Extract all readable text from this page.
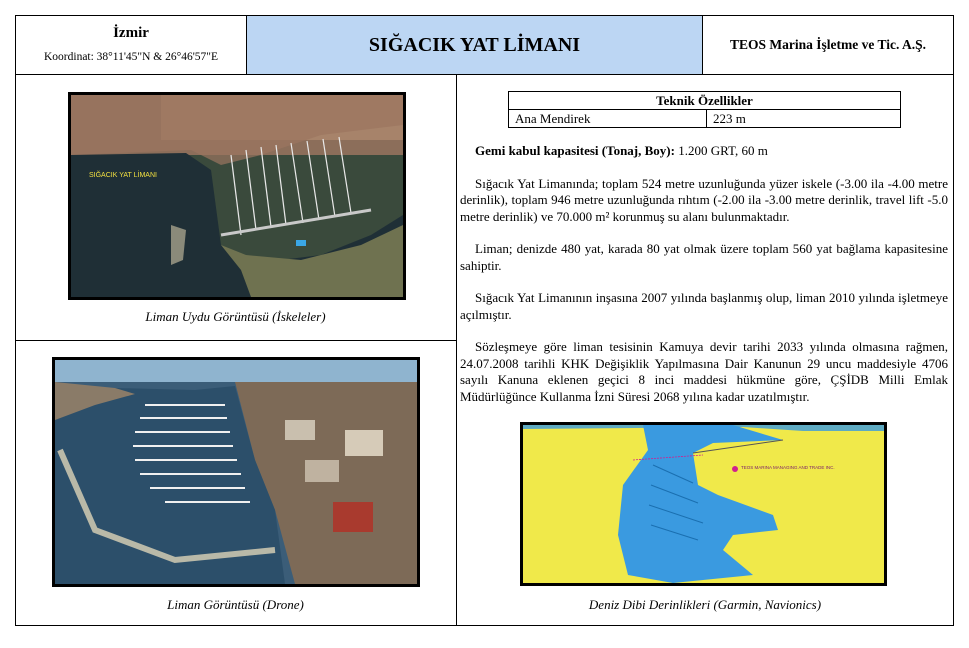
İzmir
Koordinat: 38°11'45"N & 26°46'57"E
SIĞACIK YAT LİMANI	TEOS Marina İşletme ve Tic. A.Ş.
SIĞACIK YAT LİMANI
Liman Uydu Görüntüsü (İskeleler)
Liman Görüntüsü (Drone)
Teknik Özellikler
Ana Mendirek	223 m

Gemi kabul kapasitesi (Tonaj, Boy): 1.200 GRT, 60 m

Sığacık Yat Limanında; toplam 524 metre uzunluğunda yüzer iskele (-3.00 ila -4.00 metre derinlik), toplam 946 metre uzunluğunda rıhtım (-2.00 ila -3.00 metre derinlik, travel lift -5.0 metre derinlik) ve 70.000 m² korunmuş su alanı bulunmaktadır.

Liman; denizde 480 yat, karada 80 yat olmak üzere toplam 560 yat bağlama kapasitesine sahiptir.

Sığacık Yat Limanının inşasına 2007 yılında başlanmış olup, liman 2010 yılında işletmeye açılmıştır.

Sözleşmeye göre liman tesisinin Kamuya devir tarihi 2033 yılında olmasına rağmen, 24.07.2008 tarihli KHK Değişiklik Yapılmasına Dair Kanunun 29 uncu maddesiyle 4706 sayılı Kanuna eklenen geçici 8 inci maddesi hükmüne göre, ÇŞİDB Milli Emlak Müdürlüğünce Kullanma İzni Süresi 2068 yılına kadar uzatılmıştır.

TEOS MARINA MANAGING AND TRADE INC.
Deniz Dibi Derinlikleri (Garmin, Navionics)
